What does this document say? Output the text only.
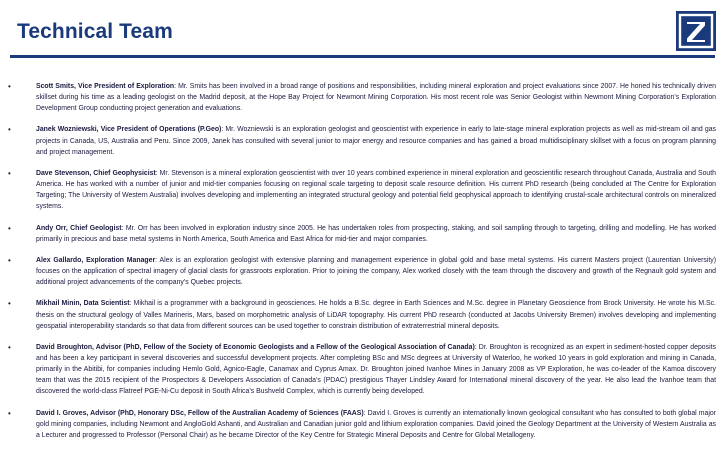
Technical Team
•	Scott Smits, Vice President of Exploration: Mr. Smits has been involved in a broad range of positions and responsibilities, including mineral exploration and project evaluations since 2007. He honed his technically driven skillset during his time as a leading geologist on the Madrid deposit, at the Hope Bay Project for Newmont Mining Corporation. His most recent role was Senior Geologist within Newmont Mining Corporation’s Exploration Development Group conducting project generation and evaluations.
•	Janek Wozniewski, Vice President of Operations (P.Geo): Mr. Wozniewski is an exploration geologist and geoscientist with experience in early to late-stage mineral exploration projects as well as mid-stream oil and gas projects in Canada, US, Australia and Peru. Since 2009, Janek has consulted with several junior to major energy and resource companies and has gained a broad multidisciplinary skillset with a focus on program planning and project management.
•	Dave Stevenson, Chief Geophysicist: Mr. Stevenson is a mineral exploration geoscientist with over 10 years combined experience in mineral exploration and geoscientific research throughout Canada, Australia and South America. He has worked with a number of junior and mid-tier companies focusing on regional scale targeting to deposit scale resource definition. His current PhD research (being concluded at The Centre for Exploration Targeting; The University of Western Australia) involves developing and implementing an integrated structural geology and potential field geophysical approach to identifying crustal-scale architectural controls on mineralized systems.
•	Andy Orr, Chief Geologist: Mr. Orr has been involved in exploration industry since 2005. He has undertaken roles from prospecting, staking, and soil sampling through to targeting, drilling and modelling. He has worked primarily in precious and base metal systems in North America, South America and East Africa for mid-tier and major companies.
•	Alex Gallardo, Exploration Manager: Alex is an exploration geologist with extensive planning and management experience in global gold and base metal systems. His current Masters project (Laurentian University) focuses on the application of spectral imagery of glacial clasts for grassroots exploration. Prior to joining the company, Alex worked closely with the team through the discovery and growth of the Regnault gold system and additional project advancements of the company’s Quebec projects.
•	Mikhail Minin, Data Scientist: Mikhail is a programmer with a background in geosciences. He holds a B.Sc. degree in Earth Sciences and M.Sc. degree in Planetary Geoscience from Brock University. He wrote his M.Sc. thesis on the structural geology of Valles Marineris, Mars, based on morphometric analysis of LiDAR topography. His current PhD research (conducted at Jacobs University Bremen) involves developing and implementing geospatial interoperability standards so that data from different sources can be used together to constrain distribution of extraterrestrial mineral deposits.
•	David Broughton, Advisor (PhD, Fellow of the Society of Economic Geologists and a Fellow of the Geological Association of Canada): Dr. Broughton is recognized as an expert in sediment-hosted copper deposits and has been a key participant in several discoveries and successful development projects. After completing BSc and MSc degrees at University of Waterloo, he worked 10 years in gold exploration and mining in Canada, primarily in the Abitibi, for companies including Hemlo Gold, Agnico-Eagle, Canamax and Cyprus Amax. Dr. Broughton joined Ivanhoe Mines in January 2008 as VP Exploration, he was co-leader of the Kamoa discovery team that was the 2015 recipient of the Prospectors & Developers Association of Canada’s (PDAC) prestigious Thayer Lindsley Award for International mineral discovery of the year. He also lead the Ivanhoe team that discovered the world-class Flatreef PGE-Ni-Cu deposit in South Africa’s Bushveld Complex, which is currently being developed.
•	David I. Groves, Advisor (PhD, Honorary DSc, Fellow of the Australian Academy of Sciences (FAAS): David I. Groves is currently an internationally known geological consultant who has consulted to both global major gold mining companies, including Newmont and AngloGold Ashanti, and Australian and Canadian junior gold and lithium exploration companies. David joined the Geology Department at the University of Western Australia as a Lecturer and progressed to Professor (Personal Chair) as he became Director of the Key Centre for Strategic Mineral Deposits and Centre for Global Metallogeny.
